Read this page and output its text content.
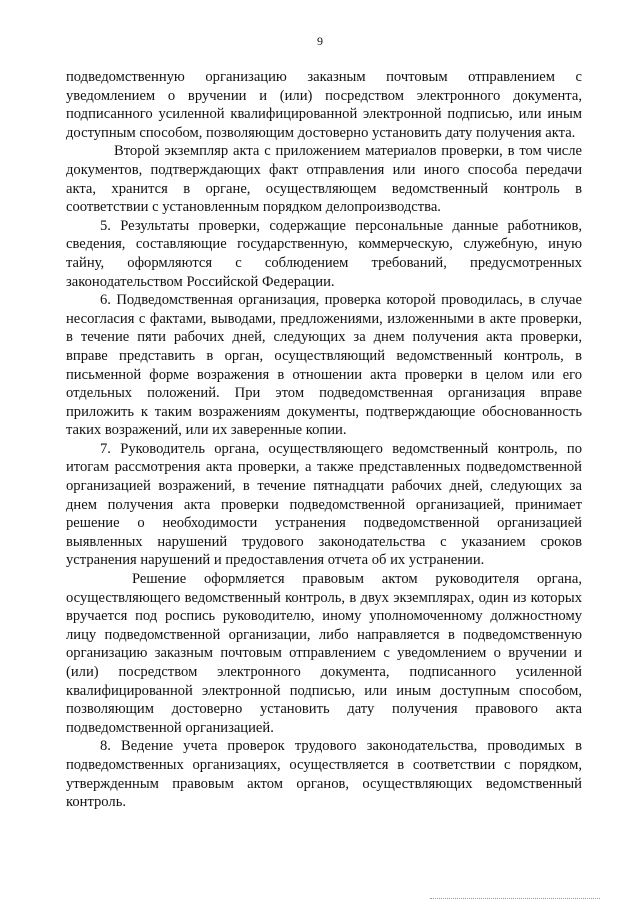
9

подведомственную организацию заказным почтовым отправлением с уведомлением о вручении и (или) посредством электронного документа, подписанного усиленной квалифицированной электронной подписью, или иным доступным способом, позволяющим достоверно установить дату получения акта.

Второй экземпляр акта с приложением материалов проверки, в том числе документов, подтверждающих факт отправления или иного способа передачи акта, хранится в органе, осуществляющем ведомственный контроль в соответствии с установленным порядком делопроизводства.

5. Результаты проверки, содержащие персональные данные работников, сведения, составляющие государственную, коммерческую, служебную, иную тайну, оформляются с соблюдением требований, предусмотренных законодательством Российской Федерации.

6. Подведомственная организация, проверка которой проводилась, в случае несогласия с фактами, выводами, предложениями, изложенными в акте проверки, в течение пяти рабочих дней, следующих за днем получения акта проверки, вправе представить в орган, осуществляющий ведомственный контроль, в письменной форме возражения в отношении акта проверки в целом или его отдельных положений. При этом подведомственная организация вправе приложить к таким возражениям документы, подтверждающие обоснованность таких возражений, или их заверенные копии.

7. Руководитель органа, осуществляющего ведомственный контроль, по итогам рассмотрения акта проверки, а также представленных подведомственной организацией возражений, в течение пятнадцати рабочих дней, следующих за днем получения акта проверки подведомственной организацией, принимает решение о необходимости устранения подведомственной организацией выявленных нарушений трудового законодательства с указанием сроков устранения нарушений и предоставления отчета об их устранении.

Решение оформляется правовым актом руководителя органа, осуществляющего ведомственный контроль, в двух экземплярах, один из которых вручается под роспись руководителю, иному уполномоченному должностному лицу подведомственной организации, либо направляется в подведомственную организацию заказным почтовым отправлением с уведомлением о вручении и (или) посредством электронного документа, подписанного усиленной квалифицированной электронной подписью, или иным доступным способом, позволяющим достоверно установить дату получения правового акта подведомственной организацией.

8. Ведение учета проверок трудового законодательства, проводимых в подведомственных организациях, осуществляется в соответствии с порядком, утвержденным правовым актом органов, осуществляющих ведомственный контроль.
